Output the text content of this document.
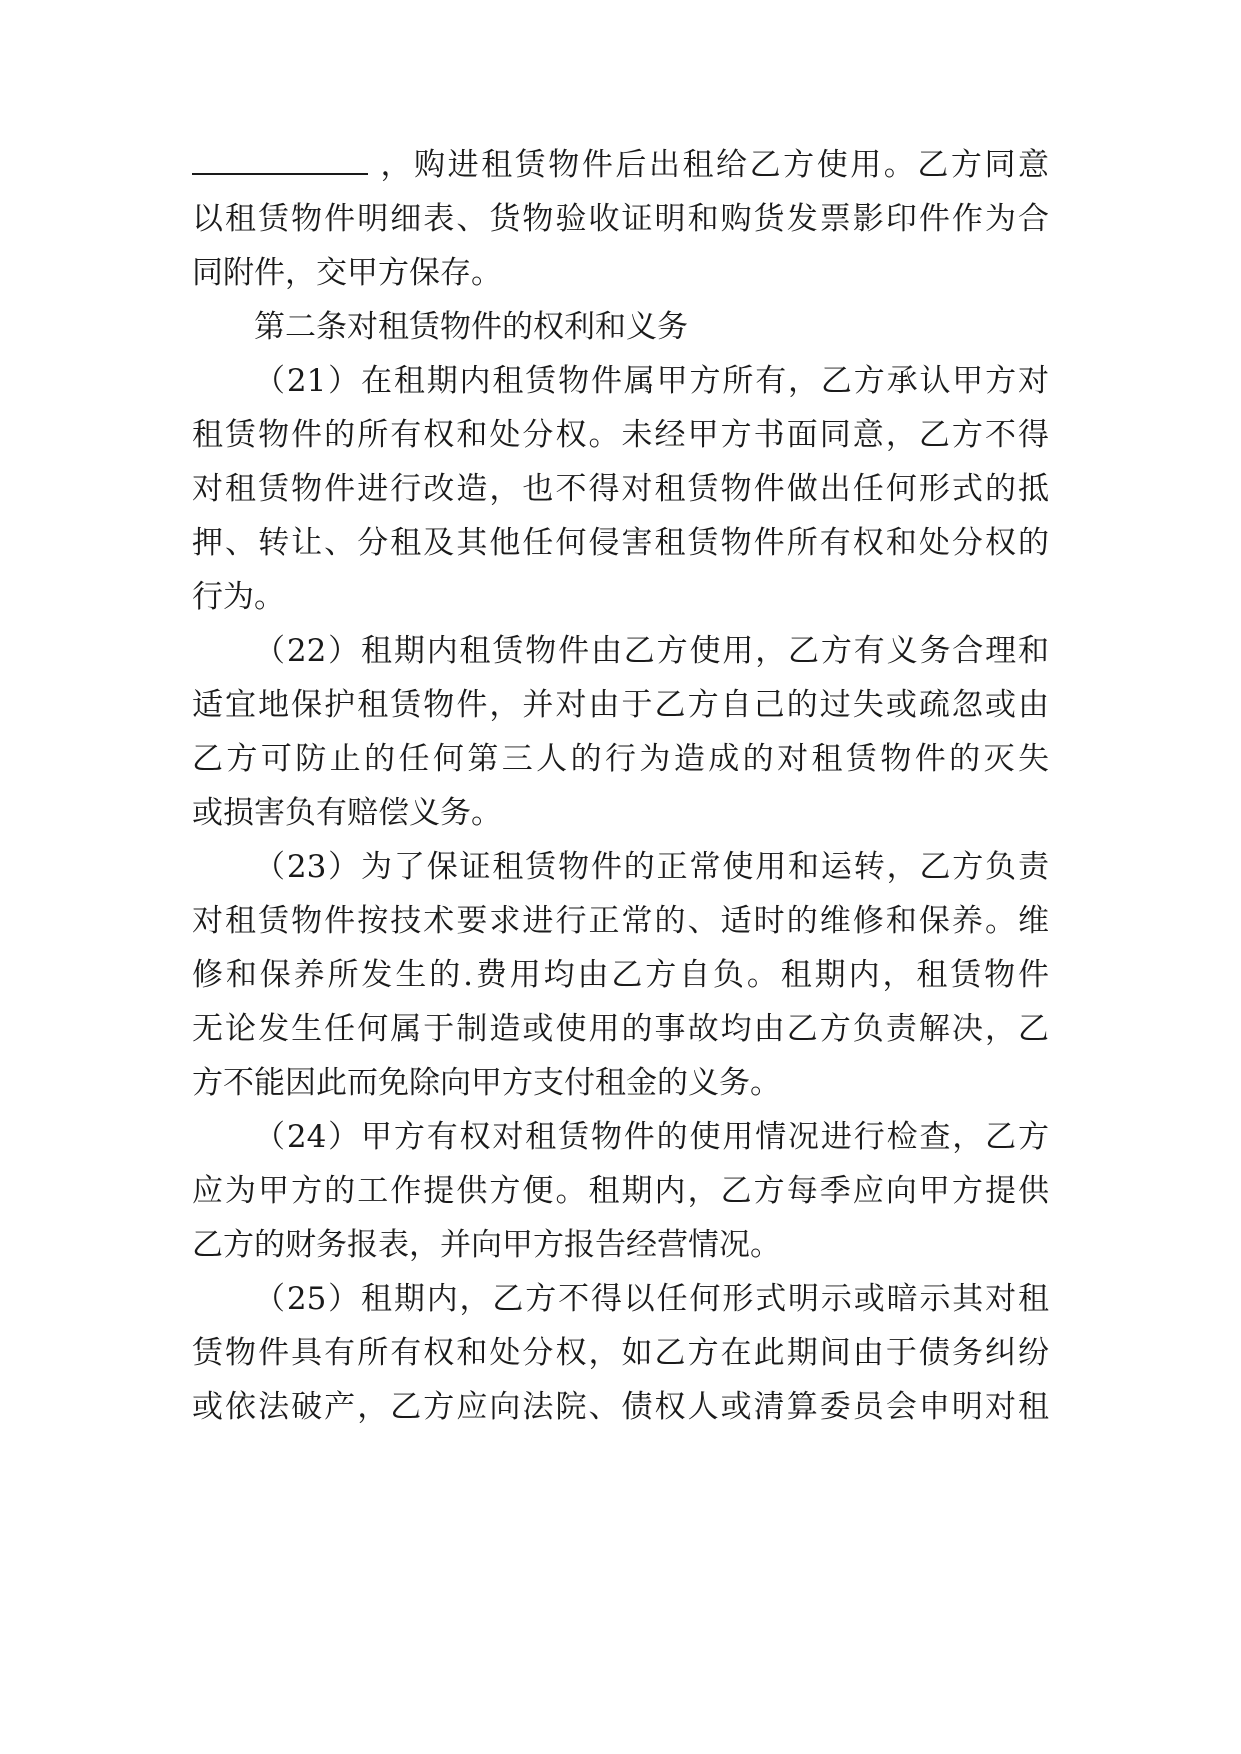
，购进租赁物件后出租给乙方使用。乙方同意
以租赁物件明细表、货物验收证明和购货发票影印件作为合
同附件，交甲方保存。
第二条对租赁物件的权利和义务
（21）在租期内租赁物件属甲方所有，乙方承认甲方对
租赁物件的所有权和处分权。未经甲方书面同意，乙方不得
对租赁物件进行改造，也不得对租赁物件做出任何形式的抵
押、转让、分租及其他任何侵害租赁物件所有权和处分权的
行为。
（22）租期内租赁物件由乙方使用，乙方有义务合理和
适宜地保护租赁物件，并对由于乙方自己的过失或疏忽或由
乙方可防止的任何第三人的行为造成的对租赁物件的灭失
或损害负有赔偿义务。
（23）为了保证租赁物件的正常使用和运转，乙方负责
对租赁物件按技术要求进行正常的、适时的维修和保养。维
修和保养所发生的.费用均由乙方自负。租期内，租赁物件
无论发生任何属于制造或使用的事故均由乙方负责解决，乙
方不能因此而免除向甲方支付租金的义务。
（24）甲方有权对租赁物件的使用情况进行检查，乙方
应为甲方的工作提供方便。租期内，乙方每季应向甲方提供
乙方的财务报表，并向甲方报告经营情况。
（25）租期内，乙方不得以任何形式明示或暗示其对租
赁物件具有所有权和处分权，如乙方在此期间由于债务纠纷
或依法破产，乙方应向法院、债权人或清算委员会申明对租
